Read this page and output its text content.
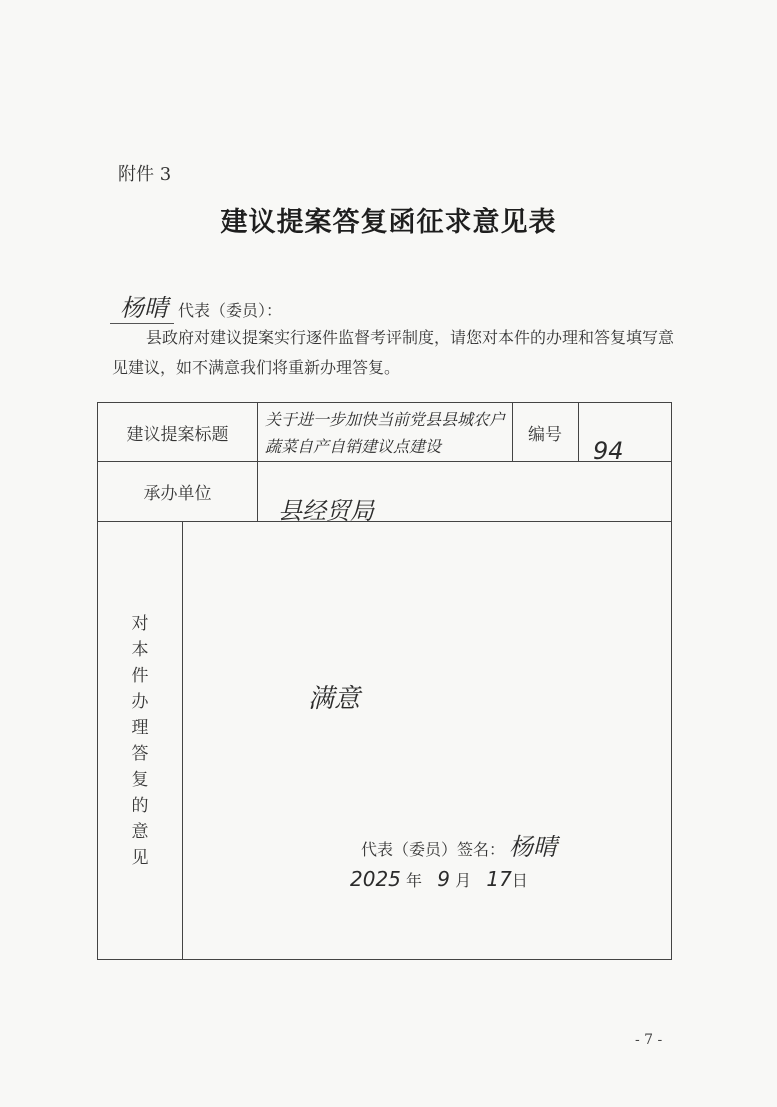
附件 3
建议提案答复函征求意见表
杨晴 代表（委员）：
县政府对建议提案实行逐件监督考评制度，请您对本件的办理和答复填写意见建议，如不满意我们将重新办理答复。
建议提案标题
关于进一步加快当前党县县城农户蔬菜自产自销建议点建设
编号
94
承办单位
县经贸局
对本件办理答复的意见
满意
代表（委员）签名： 杨晴
2025 年 9 月 17日
- 7 -
